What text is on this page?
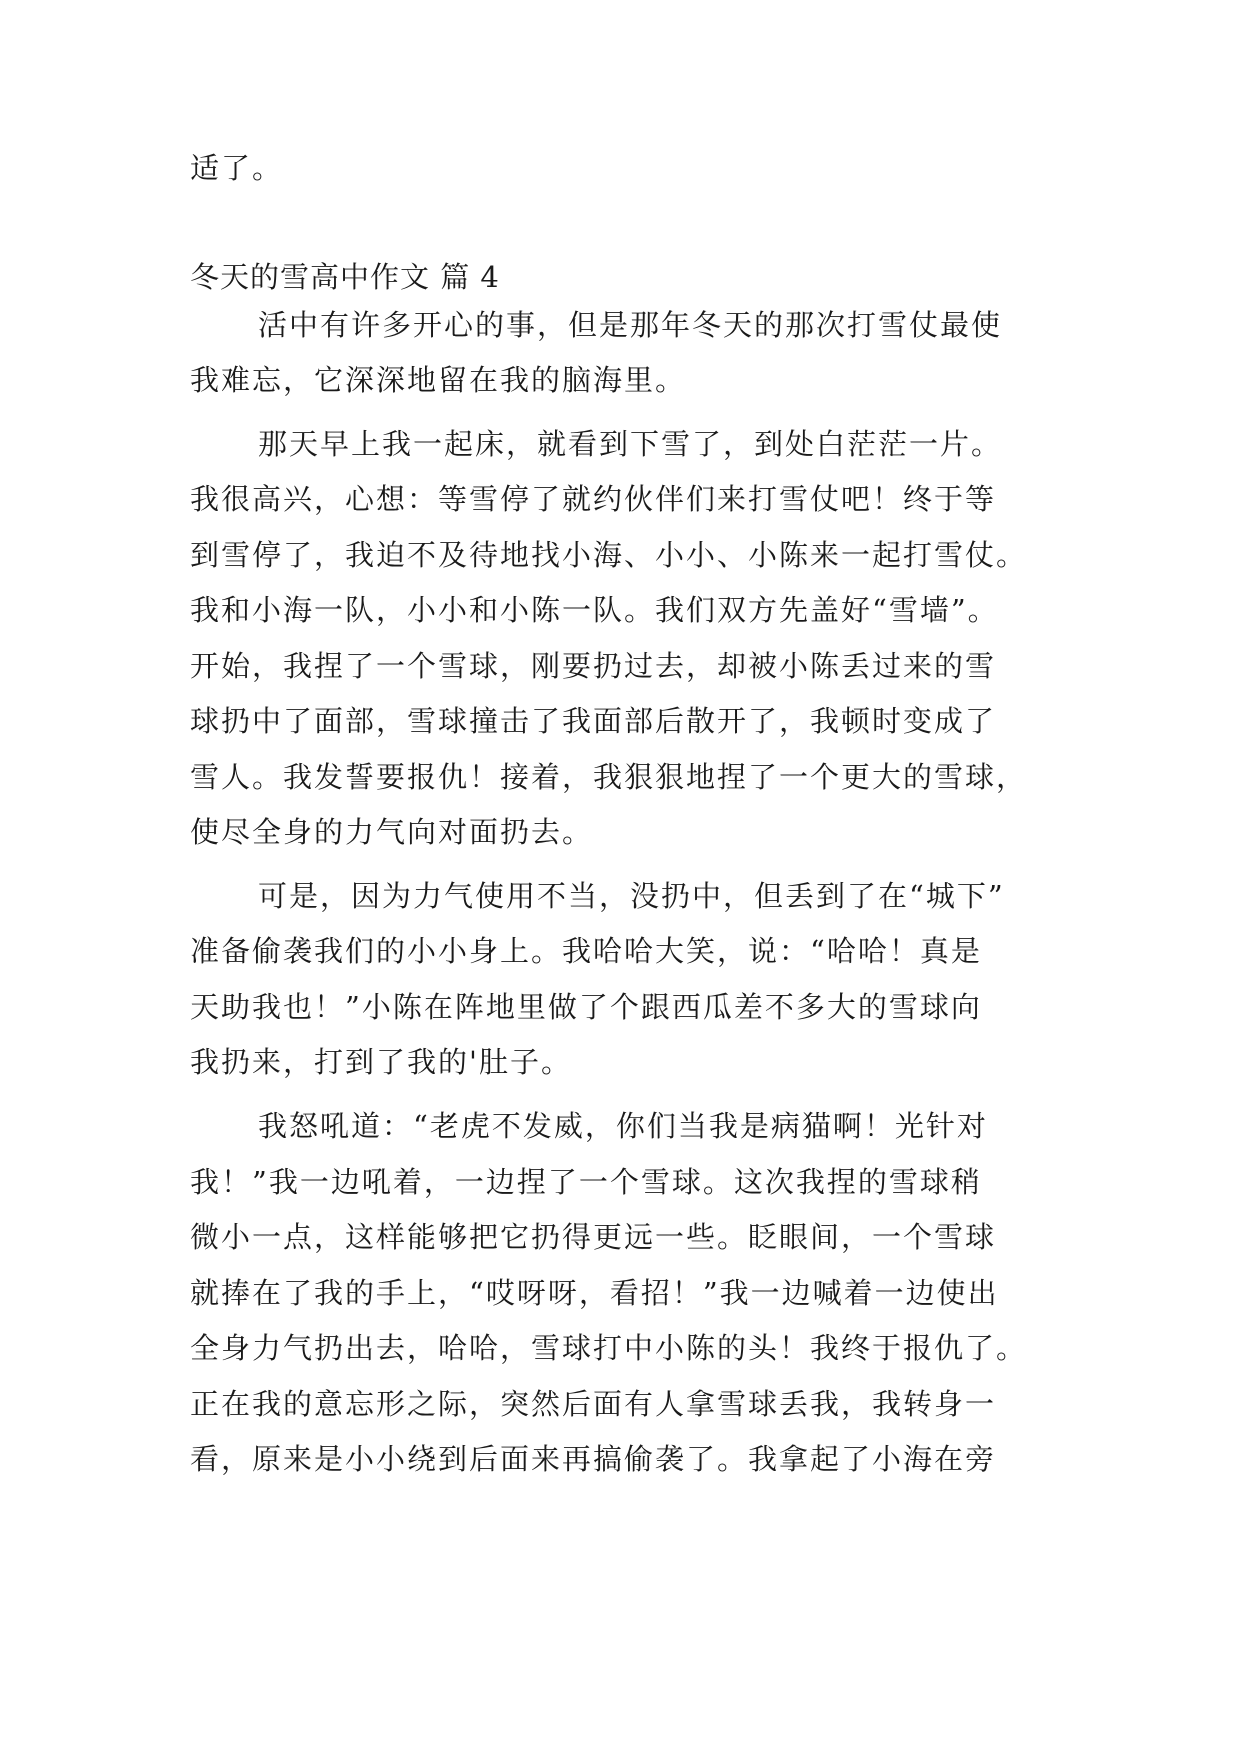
适了。
冬天的雪高中作文 篇 4
活中有许多开心的事，但是那年冬天的那次打雪仗最使
我难忘，它深深地留在我的脑海里。
那天早上我一起床，就看到下雪了，到处白茫茫一片。
我很高兴，心想：等雪停了就约伙伴们来打雪仗吧！终于等
到雪停了，我迫不及待地找小海、小小、小陈来一起打雪仗。
我和小海一队，小小和小陈一队。我们双方先盖好“雪墙”。
开始，我捏了一个雪球，刚要扔过去，却被小陈丢过来的雪
球扔中了面部，雪球撞击了我面部后散开了，我顿时变成了
雪人。我发誓要报仇！接着，我狠狠地捏了一个更大的雪球，
使尽全身的力气向对面扔去。
可是，因为力气使用不当，没扔中，但丢到了在“城下”
准备偷袭我们的小小身上。我哈哈大笑，说：“哈哈！真是
天助我也！”小陈在阵地里做了个跟西瓜差不多大的雪球向
我扔来，打到了我的'肚子。
我怒吼道：“老虎不发威，你们当我是病猫啊！光针对
我！”我一边吼着，一边捏了一个雪球。这次我捏的雪球稍
微小一点，这样能够把它扔得更远一些。眨眼间，一个雪球
就捧在了我的手上，“哎呀呀，看招！”我一边喊着一边使出
全身力气扔出去，哈哈，雪球打中小陈的头！我终于报仇了。
正在我的意忘形之际，突然后面有人拿雪球丢我，我转身一
看，原来是小小绕到后面来再搞偷袭了。我拿起了小海在旁
